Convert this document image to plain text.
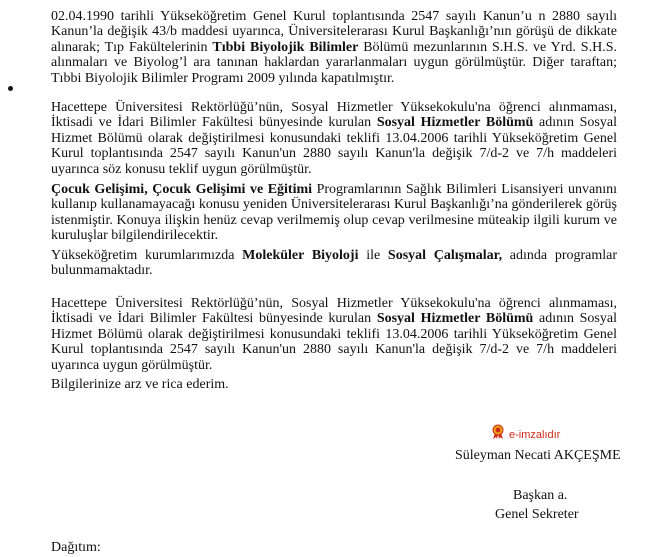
02.04.1990 tarihli Yükseköğretim Genel Kurul toplantısında 2547 sayılı Kanun’u n 2880 sayılı Kanun’la değişik 43/b maddesi uyarınca, Üniversitelerarası Kurul Başkanlığı’nın görüşü de dikkate alınarak; Tıp Fakültelerinin Tıbbi Biyolojik Bilimler Bölümü mezunlarının S.H.S. ve Yrd. S.H.S. alınmaları ve Biyolog’l ara tanınan haklardan yararlanmaları uygun görülmüştür. Diğer taraftan; Tıbbi Biyolojik Bilimler Programı 2009 yılında kapatılmıştır.

Hacettepe Üniversitesi Rektörlüğü’nün, Sosyal Hizmetler Yüksekokulu'na öğrenci alınmaması, İktisadi ve İdari Bilimler Fakültesi bünyesinde kurulan Sosyal Hizmetler Bölümü adının Sosyal Hizmet Bölümü olarak değiştirilmesi konusundaki teklifi 13.04.2006 tarihli Yükseköğretim Genel Kurul toplantısında 2547 sayılı Kanun'un 2880 sayılı Kanun'la değişik 7/d-2 ve 7/h maddeleri uyarınca söz konusu teklif uygun görülmüştür.

Çocuk Gelişimi, Çocuk Gelişimi ve Eğitimi Programlarının Sağlık Bilimleri Lisansiyeri unvanını kullanıp kullanamayacağı konusu yeniden Üniversitelerarası Kurul Başkanlığı’na gönderilerek görüş istenmiştir. Konuya ilişkin henüz cevap verilmemiş olup cevap verilmesine müteakip ilgili kurum ve kuruluşlar bilgilendirilecektir.

Yükseköğretim kurumlarımızda Moleküler Biyoloji ile Sosyal Çalışmalar, adında programlar bulunmamaktadır.

Hacettepe Üniversitesi Rektörlüğü’nün, Sosyal Hizmetler Yüksekokulu'na öğrenci alınmaması, İktisadi ve İdari Bilimler Fakültesi bünyesinde kurulan Sosyal Hizmetler Bölümü adının Sosyal Hizmet Bölümü olarak değiştirilmesi konusundaki teklifi 13.04.2006 tarihli Yükseköğretim Genel Kurul toplantısında 2547 sayılı Kanun'un 2880 sayılı Kanun'la değişik 7/d-2 ve 7/h maddeleri uyarınca uygun görülmüştür.

Bilgilerinize arz ve rica ederim.

e-imzalıdır
Süleyman Necati AKÇEŞME
Başkan a.
Genel Sekreter
Dağıtım:
